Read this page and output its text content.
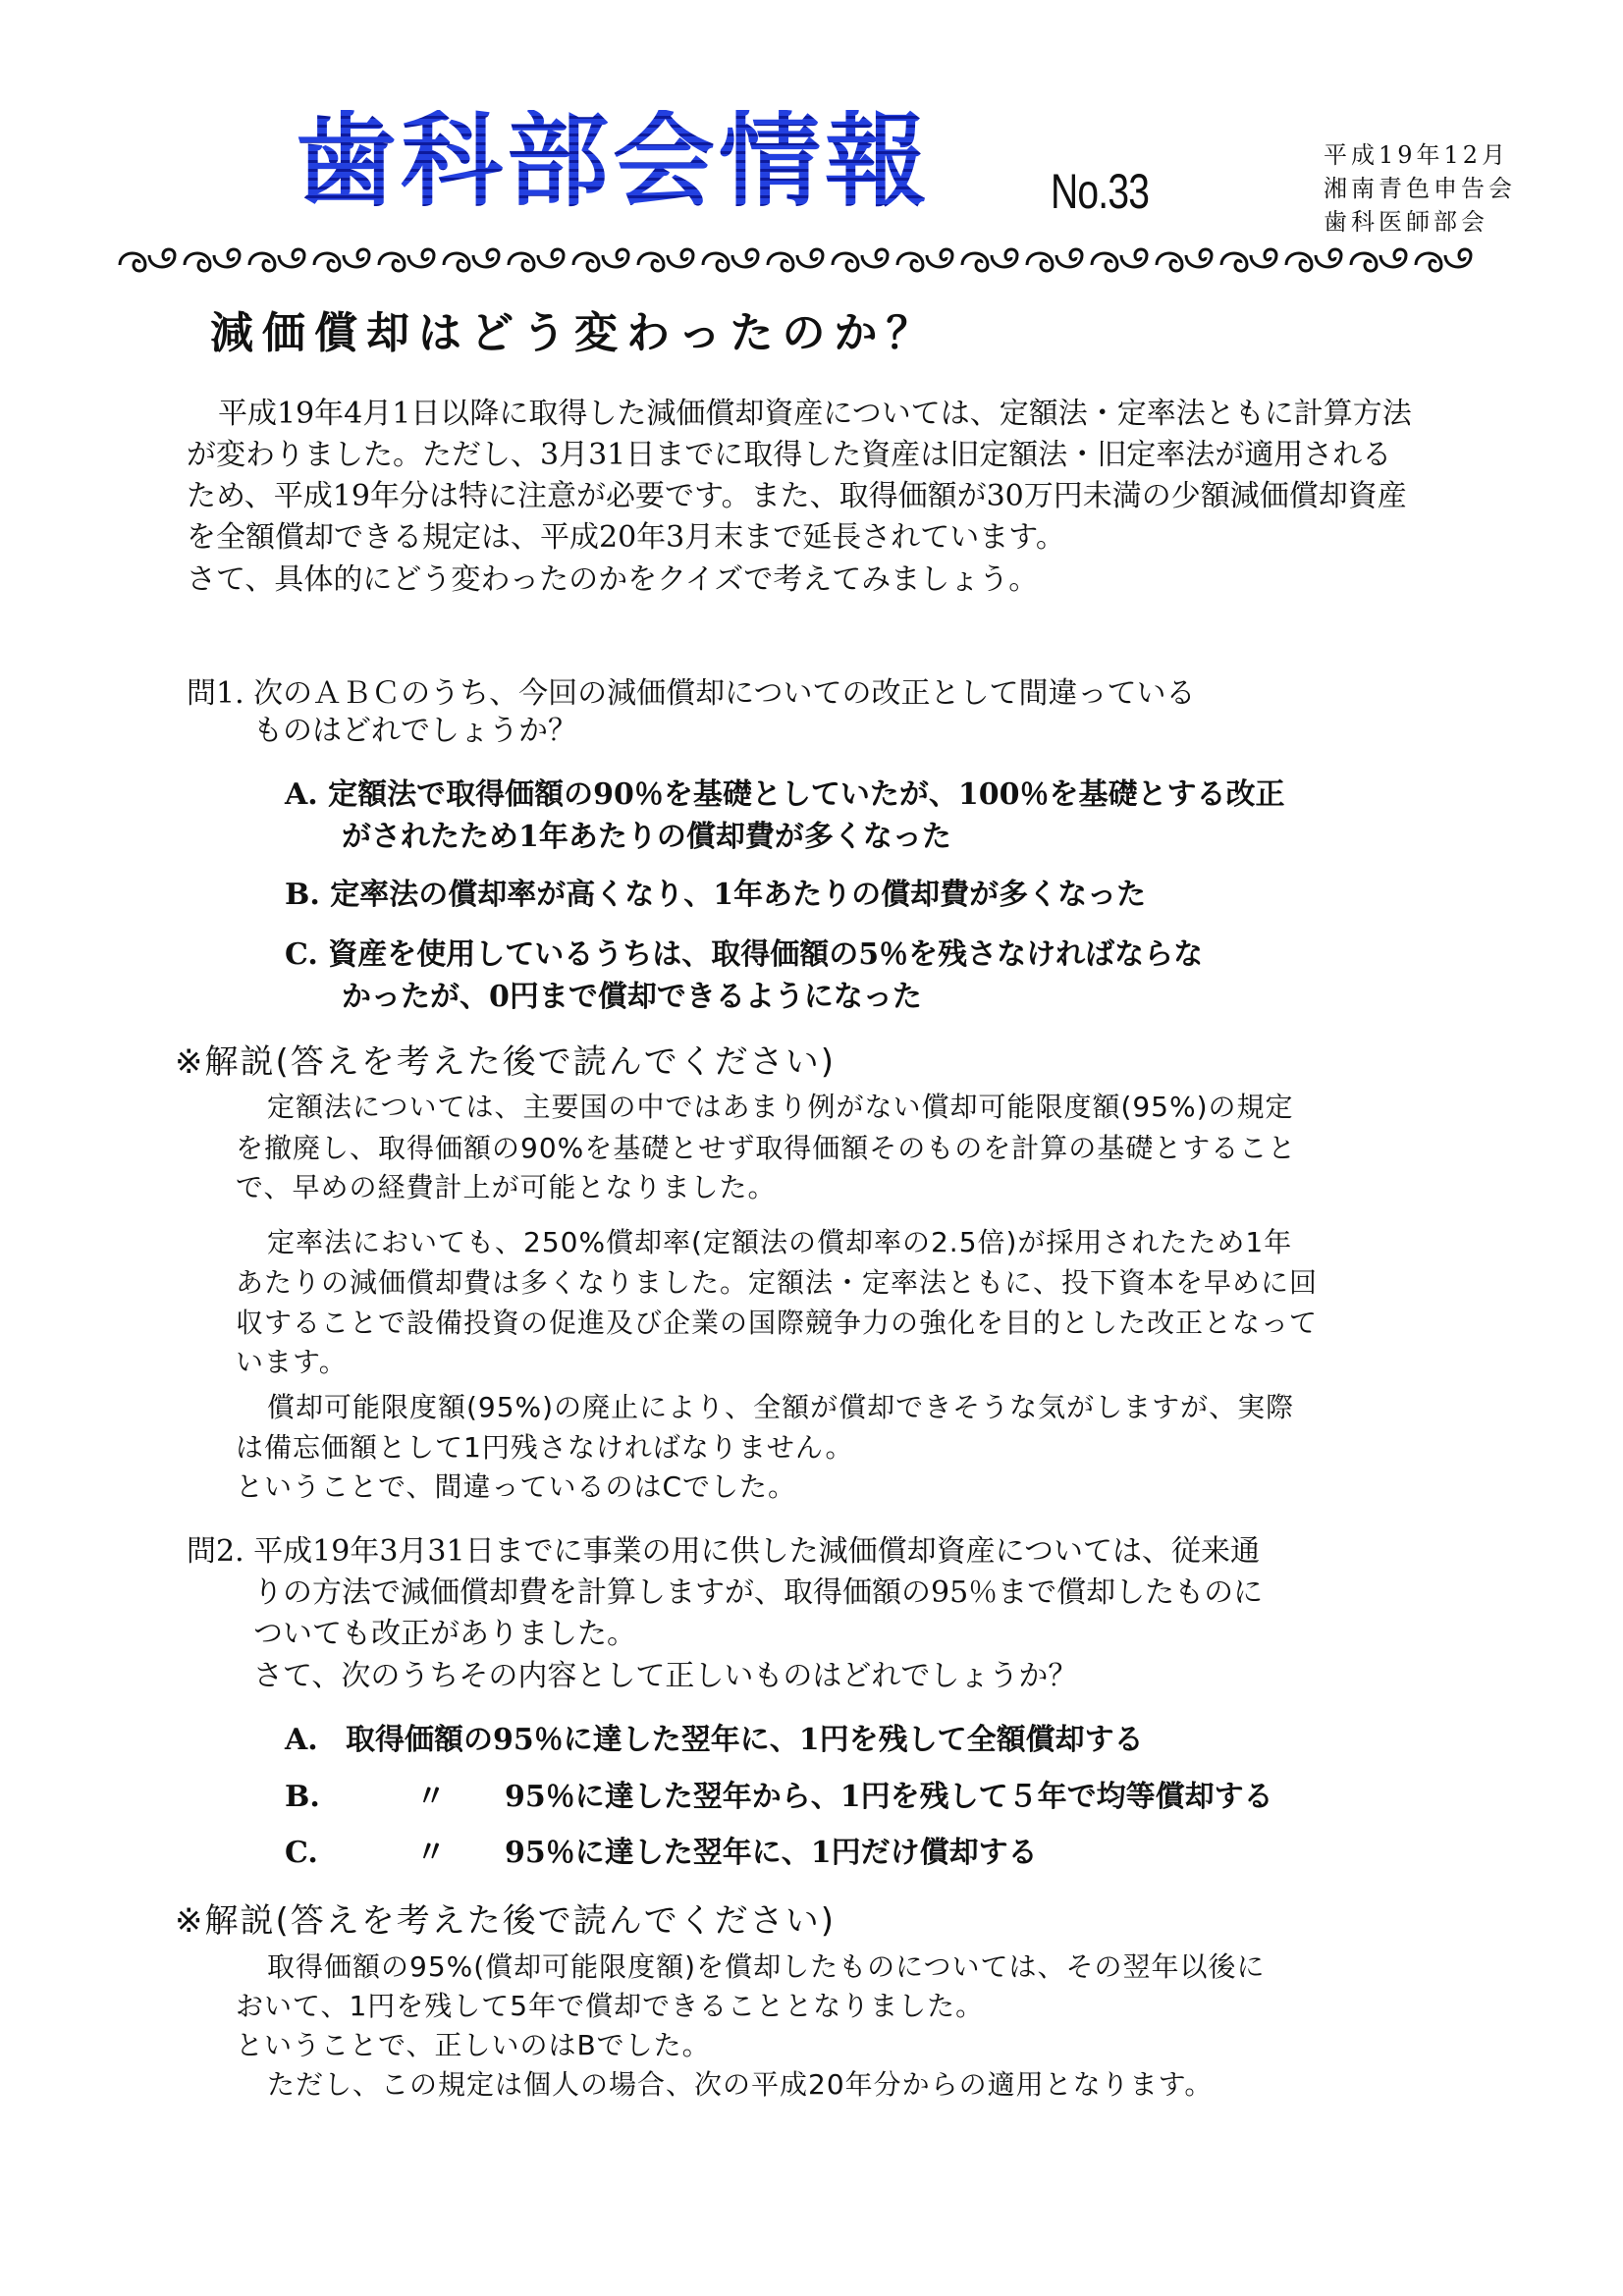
歯科部会情報 No.33
平成19年12月
湘南青色申告会
歯科医師部会
減価償却はどう変わったのか？
平成19年4月1日以降に取得した減価償却資産については、定額法・定率法ともに計算方法
が変わりました。ただし、3月31日までに取得した資産は旧定額法・旧定率法が適用される
ため、平成19年分は特に注意が必要です。また、取得価額が30万円未満の少額減価償却資産
を全額償却できる規定は、平成20年3月末まで延長されています。
さて、具体的にどう変わったのかをクイズで考えてみましょう。
問1. 次のＡＢＣのうち、今回の減価償却についての改正として間違っている
ものはどれでしょうか？
A. 定額法で取得価額の90％を基礎としていたが、100％を基礎とする改正
がされたため1年あたりの償却費が多くなった
B. 定率法の償却率が高くなり、1年あたりの償却費が多くなった
C. 資産を使用しているうちは、取得価額の5％を残さなければならな
かったが、0円まで償却できるようになった
※解説(答えを考えた後で読んでください)
定額法については、主要国の中ではあまり例がない償却可能限度額(95%)の規定
を撤廃し、取得価額の90%を基礎とせず取得価額そのものを計算の基礎とすること
で、早めの経費計上が可能となりました。
定率法においても、250%償却率(定額法の償却率の2.5倍)が採用されたため1年
あたりの減価償却費は多くなりました。定額法・定率法ともに、投下資本を早めに回
収することで設備投資の促進及び企業の国際競争力の強化を目的とした改正となって
います。
償却可能限度額(95%)の廃止により、全額が償却できそうな気がしますが、実際
は備忘価額として1円残さなければなりません。
ということで、間違っているのはCでした。
問2. 平成19年3月31日までに事業の用に供した減価償却資産については、従来通
りの方法で減価償却費を計算しますが、取得価額の95％まで償却したものに
ついても改正がありました。
さて、次のうちその内容として正しいものはどれでしょうか？
A. 取得価額の95％に達した翌年に、1円を残して全額償却する
B.	〃 95％に達した翌年から、1円を残して５年で均等償却する
C.	〃 95％に達した翌年に、1円だけ償却する
※解説(答えを考えた後で読んでください)
取得価額の95%(償却可能限度額)を償却したものについては、その翌年以後に
おいて、1円を残して5年で償却できることとなりました。
ということで、正しいのはBでした。
ただし、この規定は個人の場合、次の平成20年分からの適用となります。
